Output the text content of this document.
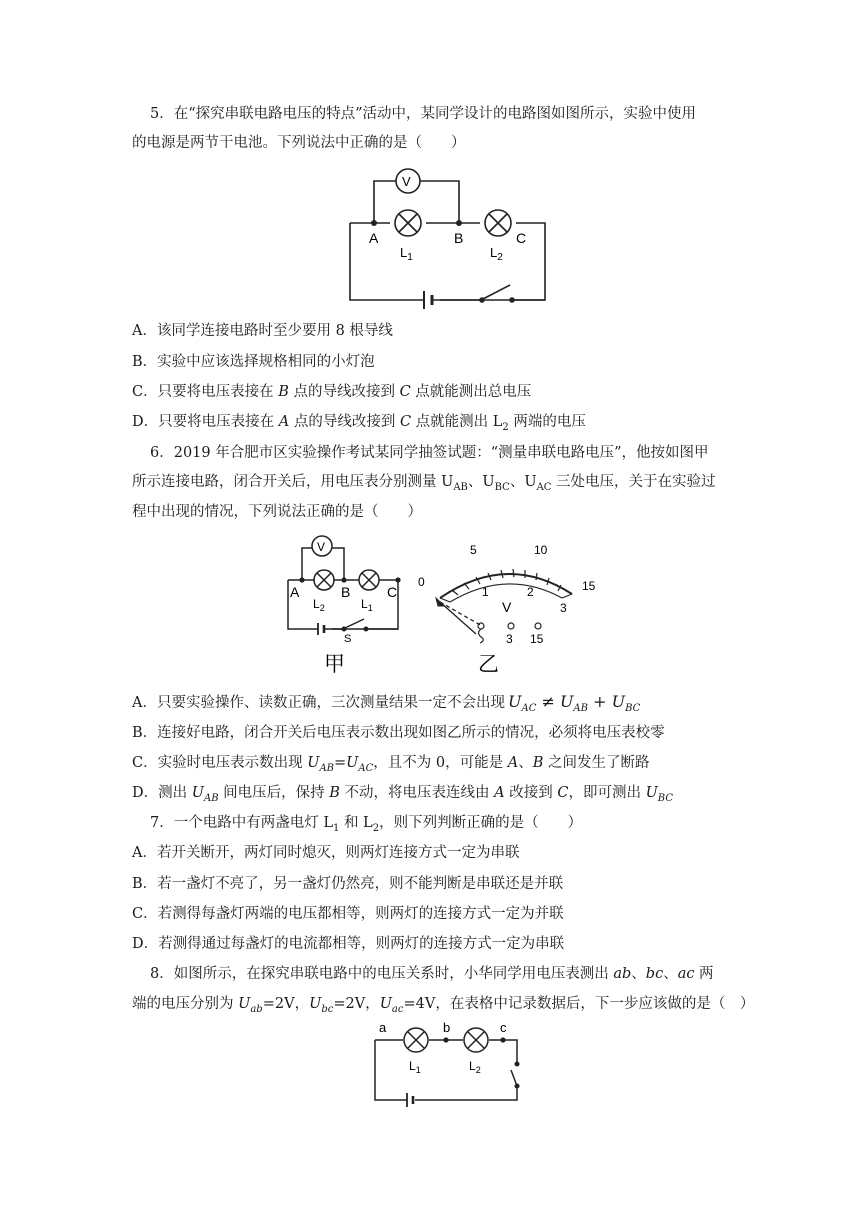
5．在“探究串联电路电压的特点”活动中，某同学设计的电路图如图所示，实验中使用
的电源是两节干电池。下列说法中正确的是（　　）
V
A	B	C
$L_1$	$L_2$
A．该同学连接电路时至少要用 8 根导线
B．实验中应该选择规格相同的小灯泡
C．只要将电压表接在 B 点的导线改接到 C 点就能测出总电压
D．只要将电压表接在 A 点的导线改接到 C 点就能测出 $L_2$ 两端的电压
6．2019 年合肥市区实验操作考试某同学抽签试题：“测量串联电路电压”，他按如图甲
所示连接电路，闭合开关后，用电压表分别测量 $U_{AB}$、$U_{BC}$、$U_{AC}$ 三处电压，关于在实验过
程中出现的情况，下列说法正确的是（　　）
V
A	B	C
$L_2$	$L_1$
S
甲
0
5	10
15
1	2
3
V
3 15
乙
A．只要实验操作、读数正确，三次测量结果一定不会出现 $U_{AC} \ne U_{AB} + U_{BC}$
B．连接好电路，闭合开关后电压表示数出现如图乙所示的情况，必须将电压表校零
C．实验时电压表示数出现 $U_{AB}=U_{AC}$，且不为 0，可能是 A、B 之间发生了断路
D．测出 $U_{AB}$ 间电压后，保持 B 不动，将电压表连线由 A 改接到 C，即可测出 $U_{BC}$
7．一个电路中有两盏电灯 $L_1$ 和 $L_2$，则下列判断正确的是（　　）
A．若开关断开，两灯同时熄灭，则两灯连接方式一定为串联
B．若一盏灯不亮了，另一盏灯仍然亮，则不能判断是串联还是并联
C．若测得每盏灯两端的电压都相等，则两灯的连接方式一定为并联
D．若测得通过每盏灯的电流都相等，则两灯的连接方式一定为串联
8．如图所示，在探究串联电路中的电压关系时，小华同学用电压表测出 ab、bc、ac 两
端的电压分别为 $U_{ab}=2V$，$U_{bc}=2V$，$U_{ac}=4V$，在表格中记录数据后，下一步应该做的是（　）
a	b	c
$L_1$	$L_2$
